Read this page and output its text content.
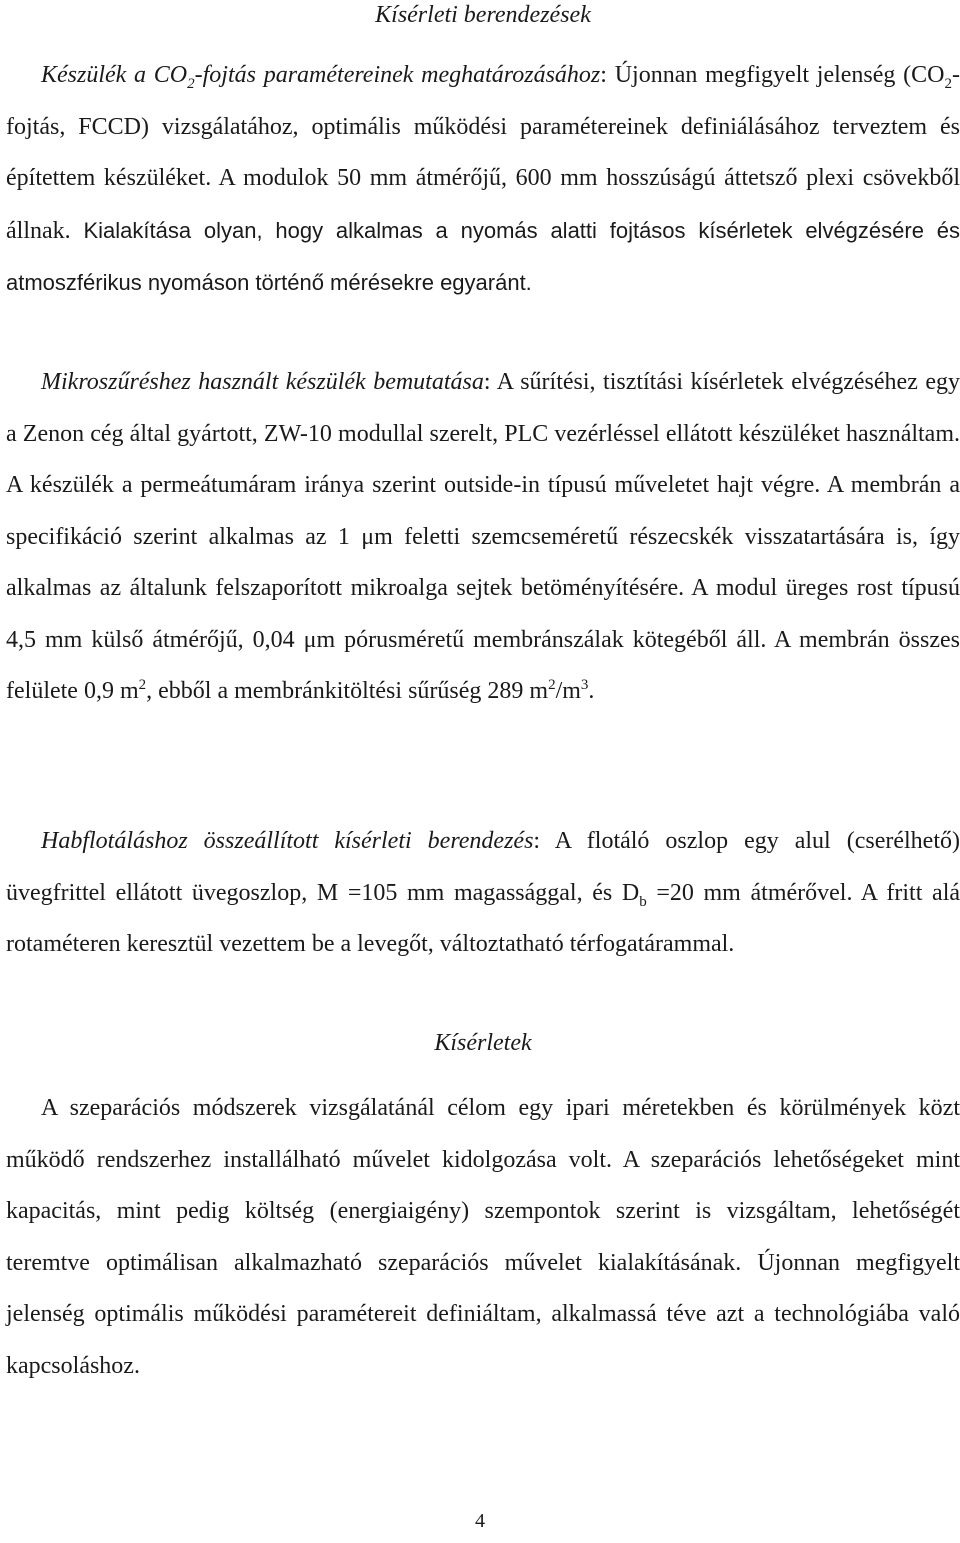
Kísérleti berendezések

Készülék a $CO_2$-fojtás paramétereinek meghatározásához: Újonnan megfigyelt jelenség ($CO_2$-fojtás, FCCD) vizsgálatához, optimális működési paramétereinek definiálásához terveztem és építettem készüléket. A modulok 50 mm átmérőjű, 600 mm hosszúságú áttetsző plexi csövekből állnak. Kialakítása olyan, hogy alkalmas a nyomás alatti fojtásos kísérletek elvégzésére és atmoszférikus nyomáson történő mérésekre egyaránt.

Mikroszűréshez használt készülék bemutatása: A sűrítési, tisztítási kísérletek elvégzéséhez egy a Zenon cég által gyártott, ZW-10 modullal szerelt, PLC vezérléssel ellátott készüléket használtam. A készülék a permeátumáram iránya szerint outside-in típusú műveletet hajt végre. A membrán a specifikáció szerint alkalmas az 1 μm feletti szemcseméretű részecskék visszatartására is, így alkalmas az általunk felszaporított mikroalga sejtek betöményítésére. A modul üreges rost típusú 4,5 mm külső átmérőjű, 0,04 μm pórusméretű membránszálak kötegéből áll. A membrán összes felülete 0,9 $m^2$, ebből a membránkitöltési sűrűség 289 $m^2/m^3$.

Habflotáláshoz összeállított kísérleti berendezés: A flotáló oszlop egy alul (cserélhető) üvegfrittel ellátott üvegoszlop, M =105 mm magassággal, és $D_b =20$ mm átmérővel. A fritt alá rotaméteren keresztül vezettem be a levegőt, változtatható térfogatárammal.

Kísérletek

A szeparációs módszerek vizsgálatánál célom egy ipari méretekben és körülmények közt működő rendszerhez installálható művelet kidolgozása volt. A szeparációs lehetőségeket mint kapacitás, mint pedig költség (energiaigény) szempontok szerint is vizsgáltam, lehetőségét teremtve optimálisan alkalmazható szeparációs művelet kialakításának. Újonnan megfigyelt jelenség optimális működési paramétereit definiáltam, alkalmassá téve azt a technológiába való kapcsoláshoz.

4
